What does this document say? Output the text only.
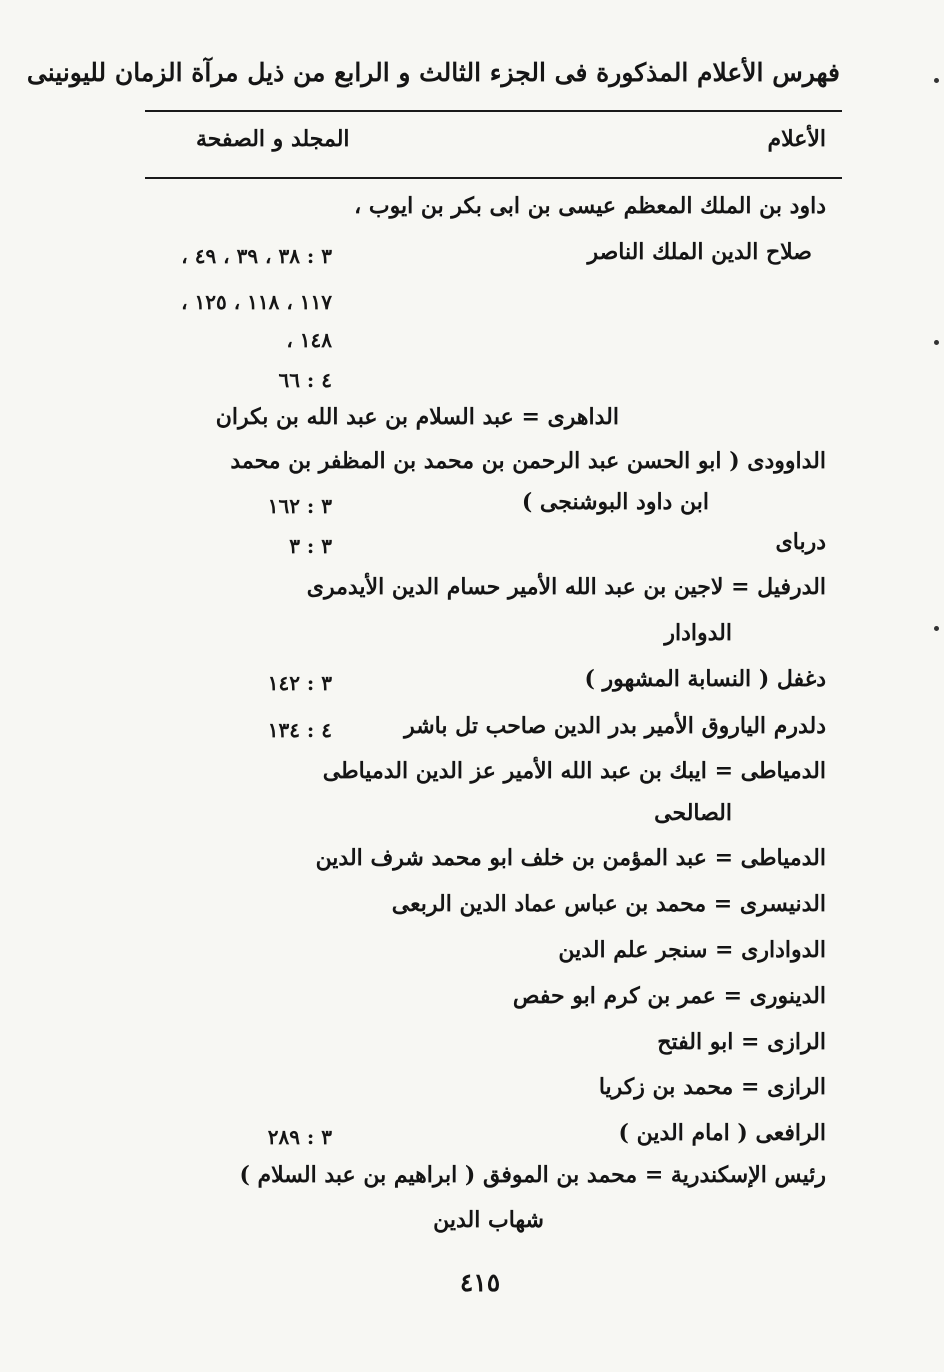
فهرس الأعلام المذكورة فى الجزء الثالث و الرابع من ذيل مرآة الزمان لليونينى
الأعلام
المجلد و الصفحة
داود بن الملك المعظم عيسى بن ابى بكر بن ايوب ،
صلاح الدين الملك الناصر
٣ : ٣٨ ، ٣٩ ، ٤٩ ،
١١٧ ، ١١٨ ، ١٢٥ ،
١٤٨ ،
٤ : ٦٦
الداهرى = عبد السلام بن عبد الله بن بكران
الداوودى ( ابو الحسن عبد الرحمن بن محمد بن المظفر بن محمد
ابن داود البوشنجى )
٣ : ١٦٢
دربای
٣ : ٣
الدرفيل = لاجين بن عبد الله الأمير حسام الدين الأيدمرى
الدوادار
دغفل ( النسابة المشهور )
٣ : ١٤٢
دلدرم الياروق الأمير بدر الدين صاحب تل باشر
٤ : ١٣٤
الدمياطى = ايبك بن عبد الله الأمير عز الدين الدمياطى
الصالحى
الدمياطى = عبد المؤمن بن خلف ابو محمد شرف الدين
الدنيسرى = محمد بن عباس عماد الدين الربعى
الدوادارى = سنجر علم الدين
الدينورى = عمر بن كرم ابو حفص
الرازى = ابو الفتح
الرازى = محمد بن زكريا
الرافعى ( امام الدين )
٣ : ٢٨٩
رئيس الإسكندرية = محمد بن الموفق ( ابراهيم بن عبد السلام )
شهاب الدين
٤١٥
